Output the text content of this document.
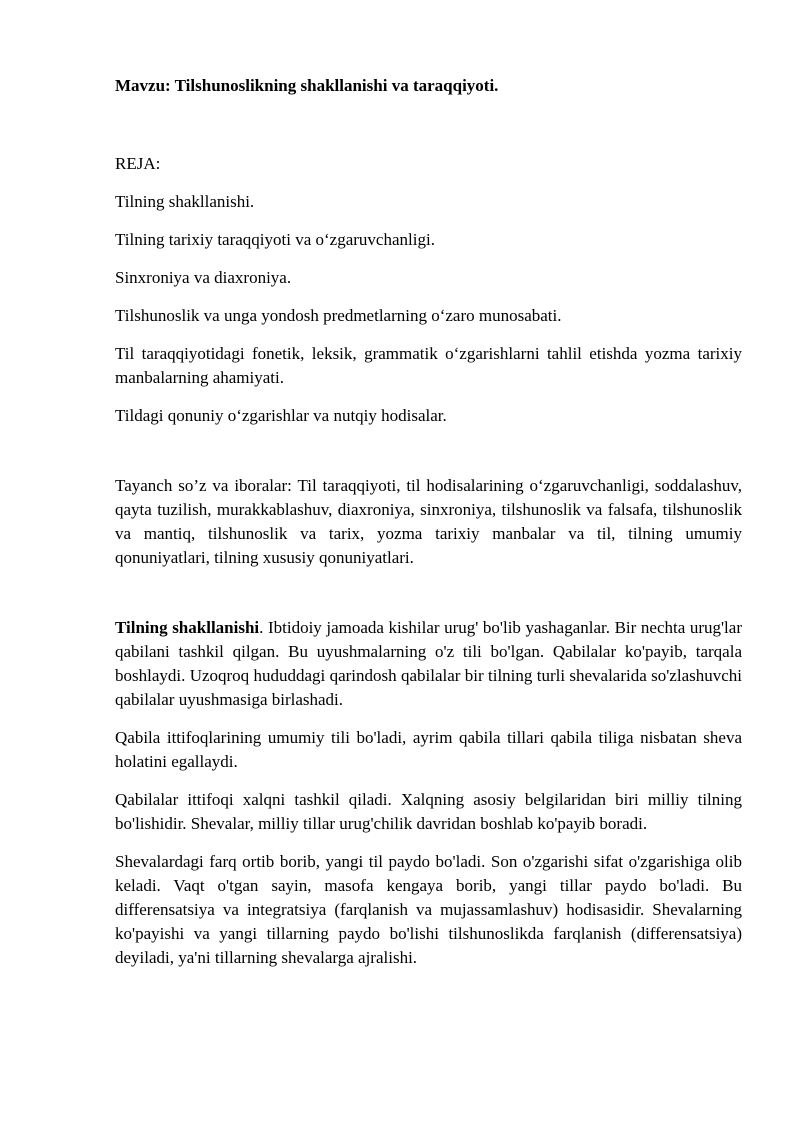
Mavzu: Tilshunoslikning shakllanishi va taraqqiyoti.

REJA:

Tilning shakllanishi.

Tilning tarixiy taraqqiyoti va o‘zgaruvchanligi.

Sinxroniya va diaxroniya.

Tilshunoslik va unga yondosh predmetlarning o‘zaro munosabati.

Til taraqqiyotidagi fonetik, leksik, grammatik o‘zgarishlarni tahlil etishda yozma tarixiy manbalarning ahamiyati.

Tildagi qonuniy o‘zgarishlar va nutqiy hodisalar.

Tayanch so’z va iboralar: Til taraqqiyoti, til hodisalarining o‘zgaruvchanligi, soddalashuv, qayta tuzilish, murakkablashuv, diaxroniya, sinxroniya, tilshunoslik va falsafa, tilshunoslik va mantiq, tilshunoslik va tarix, yozma tarixiy manbalar va til, tilning umumiy qonuniyatlari, tilning xususiy qonuniyatlari.

Tilning shakllanishi. Ibtidoiy jamoada kishilar urug' bo'lib yashaganlar. Bir nechta urug'lar qabilani tashkil qilgan. Bu uyushmalarning o'z tili bo'lgan. Qabilalar ko'payib, tarqala boshlaydi. Uzoqroq hududdagi qarindosh qabilalar bir tilning turli shevalarida so'zlashuvchi qabilalar uyushmasiga birlashadi.

Qabila ittifoqlarining umumiy tili bo'ladi, ayrim qabila tillari qabila tiliga nisbatan sheva holatini egallaydi.

Qabilalar ittifoqi xalqni tashkil qiladi. Xalqning asosiy belgilaridan biri milliy tilning bo'lishidir. Shevalar, milliy tillar urug'chilik davridan boshlab ko'payib boradi.

Shevalardagi farq ortib borib, yangi til paydo bo'ladi. Son o'zgarishi sifat o'zgarishiga olib keladi. Vaqt o'tgan sayin, masofa kengaya borib, yangi tillar paydo bo'ladi. Bu differensatsiya va integratsiya (farqlanish va mujassamlashuv) hodisasidir. Shevalarning ko'payishi va yangi tillarning paydo bo'lishi tilshunoslikda farqlanish (differensatsiya) deyiladi, ya'ni tillarning shevalarga ajralishi.
